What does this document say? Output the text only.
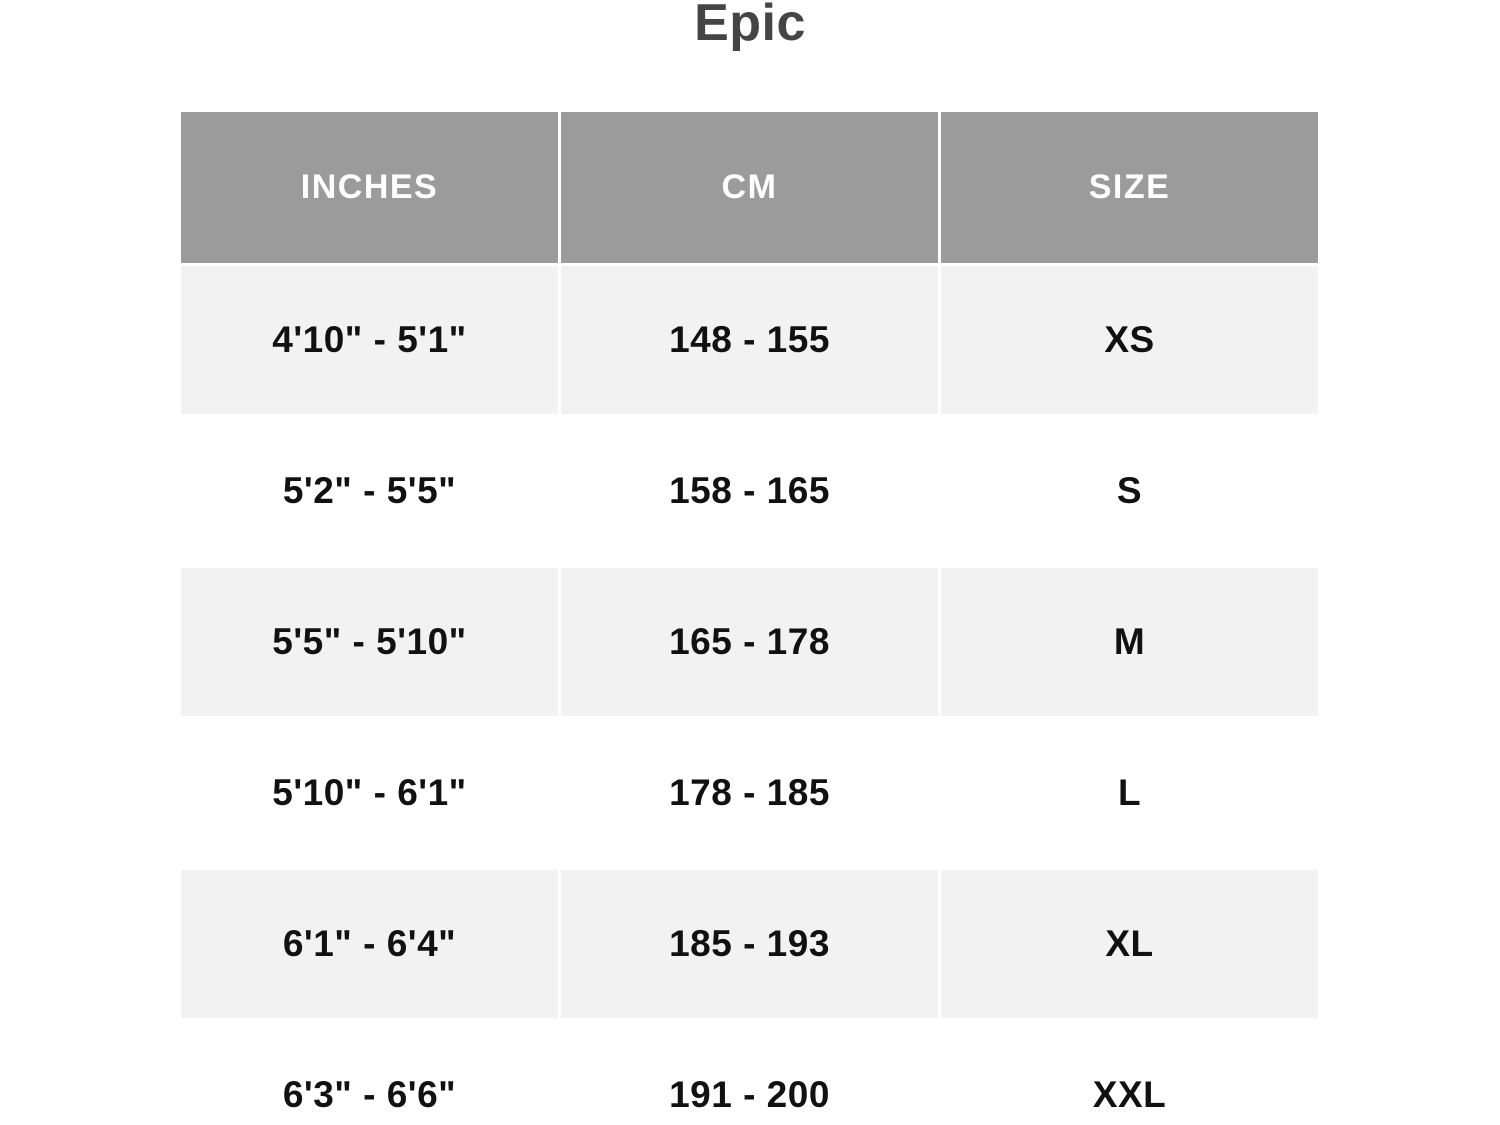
Epic
INCHES	CM	SIZE
4'10" - 5'1"	148 - 155	XS
5'2" - 5'5"	158 - 165	S
5'5" - 5'10"	165 - 178	M
5'10" - 6'1"	178 - 185	L
6'1" - 6'4"	185 - 193	XL
6'3" - 6'6"	191 - 200	XXL
